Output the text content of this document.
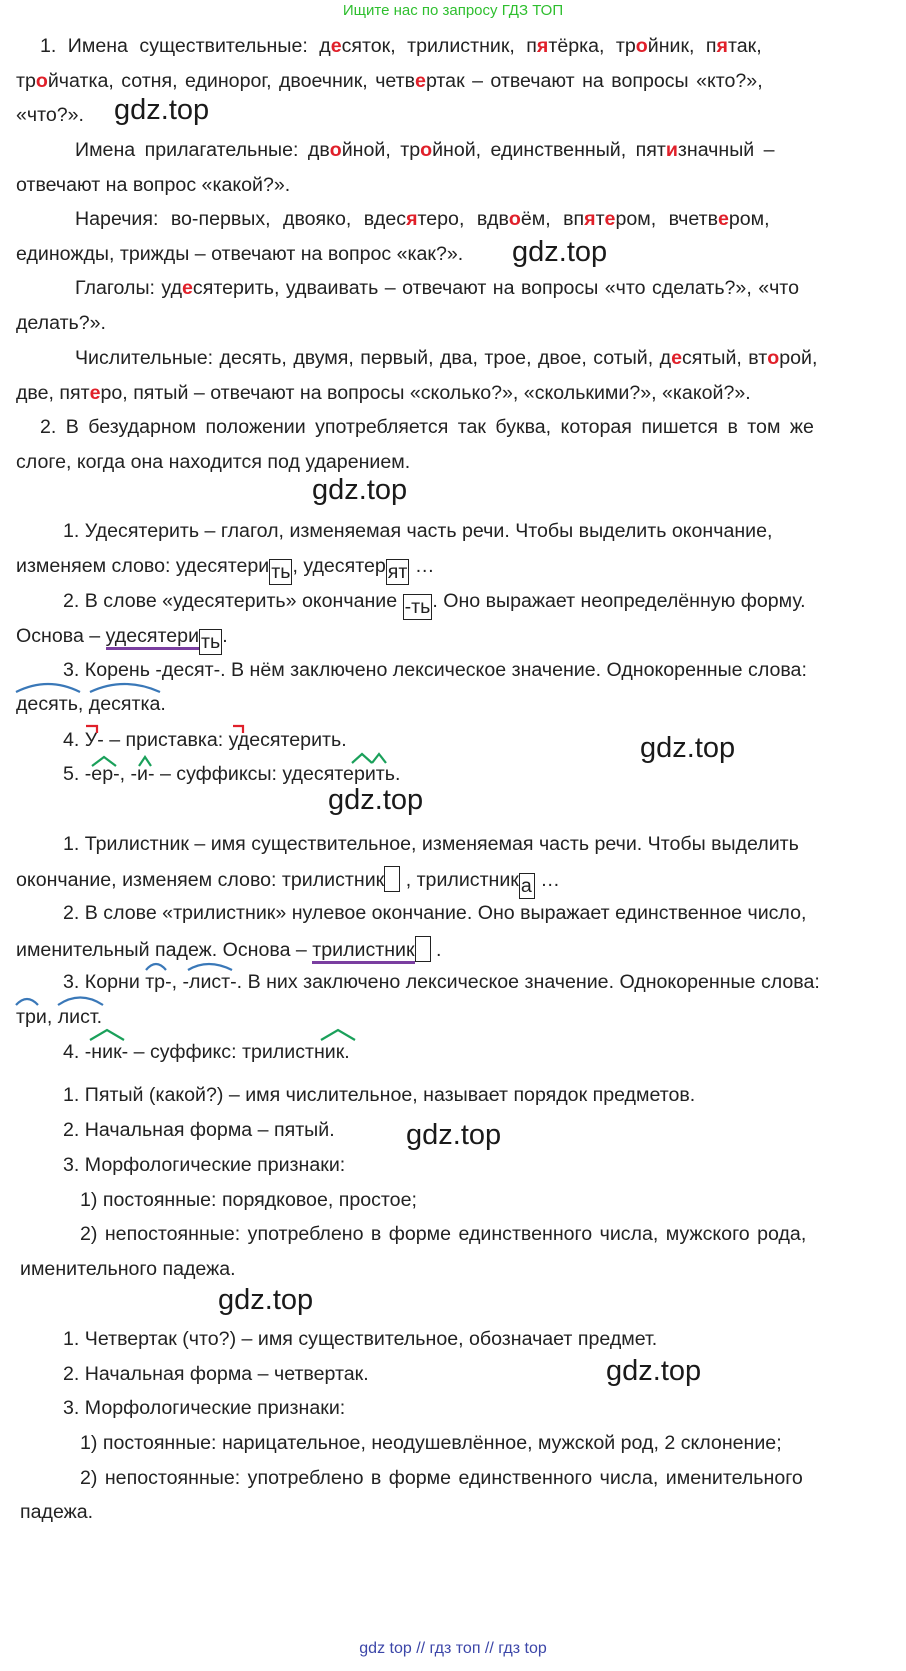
Ищите нас по запросу ГДЗ ТОП
1. Имена существительные: десяток, трилистник, пятёрка, тройник, пятак,
тройчатка, сотня, единорог, двоечник, четвертак – отвечают на вопросы «кто?»,
«что?».
Имена прилагательные: двойной, тройной, единственный, пятизначный –
отвечают на вопрос «какой?».
Наречия: во-первых, двояко, вдесятеро, вдвоём, впятером, вчетвером,
единожды, трижды – отвечают на вопрос «как?».
Глаголы: удесятерить, удваивать – отвечают на вопросы «что сделать?», «что
делать?».
Числительные: десять, двумя, первый, два, трое, двое, сотый, десятый, второй,
две, пятеро, пятый – отвечают на вопросы «сколько?», «сколькими?», «какой?».
2. В безударном положении употребляется так буква, которая пишется в том же
слоге, когда она находится под ударением.
1. Удесятерить – глагол, изменяемая часть речи. Чтобы выделить окончание,
изменяем слово: удесятери ть , удесятер ят …
2. В слове «удесятерить» окончание -ть . Оно выражает неопределённую форму.
Основа – удесятери ть .
3. Корень -десят-. В нём заключено лексическое значение. Однокоренные слова:
десять, десятка.
4. У- – приставка: удесятерить.
5. -ер-, -и- – суффиксы: удесятерить.
1. Трилистник – имя существительное, изменяемая часть речи. Чтобы выделить
окончание, изменяем слово: трилистник , трилистник а …
2. В слове «трилистник» нулевое окончание. Оно выражает единственное число,
именительный падеж. Основа – трилистник .
3. Корни тр-, -лист-. В них заключено лексическое значение. Однокоренные слова:
три, лист.
4. -ник- – суффикс: трилистник.
1. Пятый (какой?) – имя числительное, называет порядок предметов.
2. Начальная форма – пятый.
3. Морфологические признаки:
1) постоянные: порядковое, простое;
2) непостоянные: употреблено в форме единственного числа, мужского рода,
именительного падежа.
1. Четвертак (что?) – имя существительное, обозначает предмет.
2. Начальная форма – четвертак.
3. Морфологические признаки:
1) постоянные: нарицательное, неодушевлённое, мужской род, 2 склонение;
2) непостоянные: употреблено в форме единственного числа, именительного
падежа.
gdz.top
gdz.top
gdz.top
gdz.top
gdz.top
gdz.top
gdz.top
gdz.top
gdz top // гдз топ // гдз top
